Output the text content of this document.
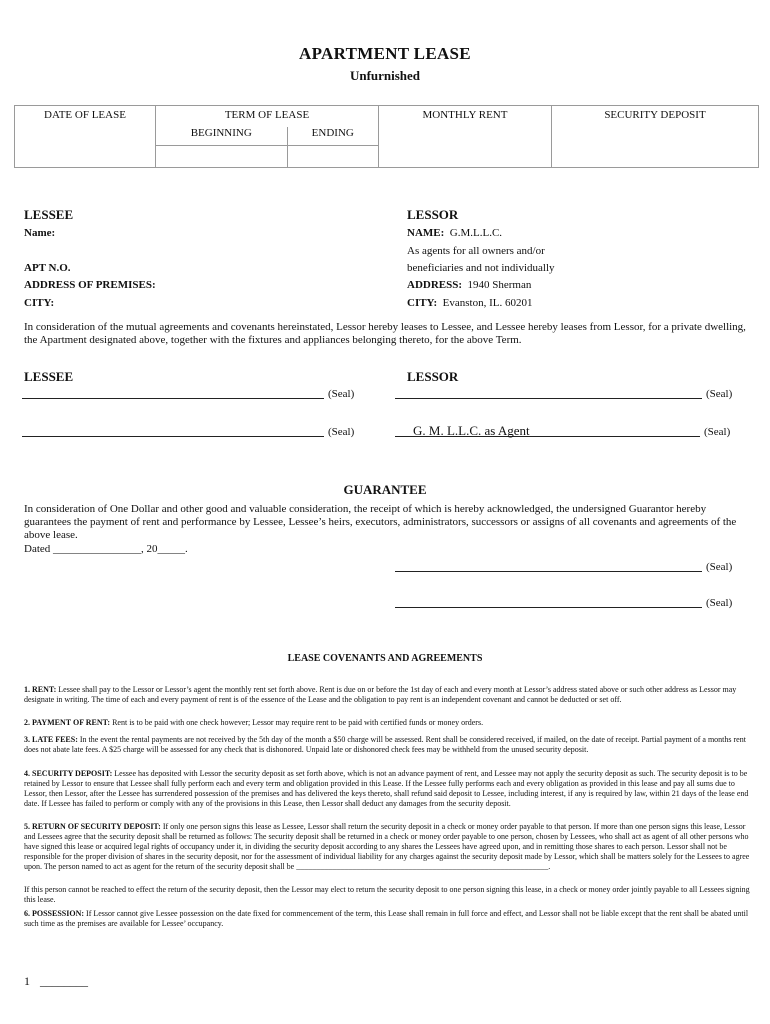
APARTMENT LEASE
Unfurnished
DATE OF LEASE	TERM OF LEASE		MONTHLY RENT	SECURITY DEPOSIT
	BEGINNING	ENDING		

LESSEE	LESSOR
Name:
APT N.O.
ADDRESS OF PREMISES:
CITY:
NAME: G.M.L.L.C.
As agents for all owners and/or
beneficiaries and not individually
ADDRESS: 1940 Sherman
CITY: Evanston, IL. 60201
In consideration of the mutual agreements and covenants hereinstated, Lessor hereby leases to Lessee, and Lessee hereby leases from Lessor, for a private dwelling, the Apartment designated above, together with the fixtures and appliances belonging thereto, for the above Term.
LESSEE	LESSOR
(Seal)	(Seal)
(Seal)	G. M. L.L.C. as Agent	(Seal)
GUARANTEE
In consideration of One Dollar and other good and valuable consideration, the receipt of which is hereby acknowledged, the undersigned Guarantor hereby guarantees the payment of rent and performance by Lessee, Lessee’s heirs, executors, administrators, successors or assigns of all covenants and agreements of the above lease.
Dated ________________, 20_____.
(Seal)
(Seal)
LEASE COVENANTS AND AGREEMENTS
1. RENT: Lessee shall pay to the Lessor or Lessor’s agent the monthly rent set forth above. Rent is due on or before the 1st day of each and every month at Lessor’s address stated above or such other address as Lessor may designate in writing. The time of each and every payment of rent is of the essence of the Lease and the obligation to pay rent is an independent covenant and cannot be deducted or set off.
2. PAYMENT OF RENT: Rent is to be paid with one check however; Lessor may require rent to be paid with certified funds or money orders.
3. LATE FEES: In the event the rental payments are not received by the 5th day of the month a $50 charge will be assessed. Rent shall be considered received, if mailed, on the date of receipt. Partial payment of a months rent does not abate late fees. A $25 charge will be assessed for any check that is dishonored. Unpaid late or dishonored check fees may be withheld from the unused security deposit.
4. SECURITY DEPOSIT: Lessee has deposited with Lessor the security deposit as set forth above, which is not an advance payment of rent, and Lessee may not apply the security deposit as such. The security deposit is to be retained by Lessor to ensure that Lessee shall fully perform each and every term and obligation provided in this Lease. If the Lessee fully performs each and every obligation as provided in this lease and pay all sums due to Lessor, then Lessor, after the Lessee has surrendered possession of the premises and has delivered the keys thereto, shall refund said deposit to Lessee, including interest, if any is required by law, within 21 days of the lease end date. If Lessee has failed to perform or comply with any of the provisions in this Lease, then Lessor shall deduct any damages from the security deposit.
5. RETURN OF SECURITY DEPOSIT: If only one person signs this lease as Lessee, Lessor shall return the security deposit in a check or money order payable to that person. If more than one person signs this lease, Lessor and Lessees agree that the security deposit shall be returned as follows: The security deposit shall be returned in a check or money order payable to one person, chosen by Lessees, who shall act as agent of all other persons who have signed this lease or acquired legal rights of occupancy under it, in dividing the security deposit according to any shares the Lessees have agreed upon, and in remitting those shares to each person. Lessor shall not be responsible for the proper division of shares in the security deposit, nor for the assessment of individual liability for any charges against the security deposit made by Lessor, which shall be matters solely for the Lessees to agree upon. The person named to act as agent for the return of the security deposit shall be _______________________________________________________________.
If this person cannot be reached to effect the return of the security deposit, then the Lessor may elect to return the security deposit to one person signing this lease, in a check or money order jointly payable to all Lessees signing this lease.
6. POSSESSION: If Lessor cannot give Lessee possession on the date fixed for commencement of the term, this Lease shall remain in full force and effect, and Lessor shall not be liable except that the rent shall be abated until such time as the premises are available for Lessee’ occupancy.
1 ________
